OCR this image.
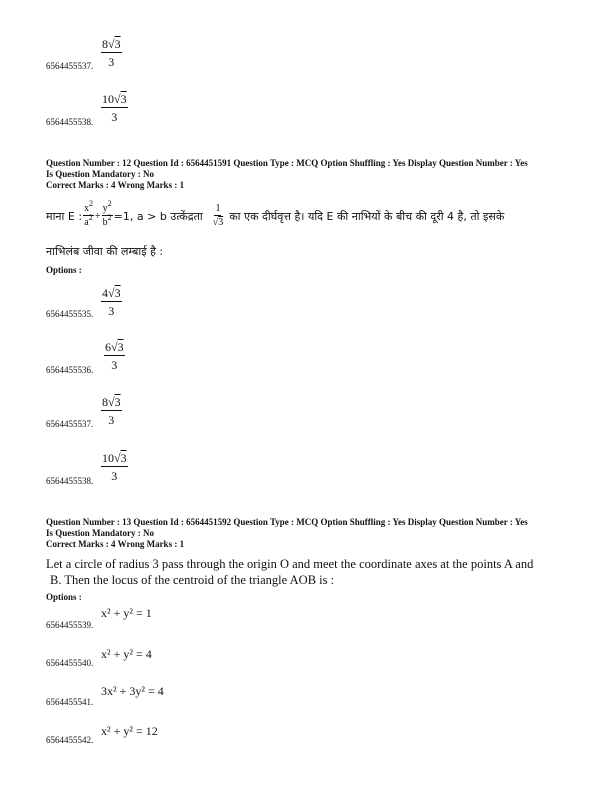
$\frac{8√3}{3}$
6564455537.
$\frac{10√3}{3}$
6564455538.
Question Number : 12 Question Id : 6564451591 Question Type : MCQ Option Shuffling : Yes Display Question Number : Yes
Is Question Mandatory : No
Correct Marks : 4 Wrong Marks : 1
माना E :
$x^2$
$a^2 + \frac{y^2}{b^2} =1$, a > b उत्केंद्रता
1
√3 का एक दीर्घवृत्त है। यदि E की नाभियों के बीच की दूरी 4 है, तो इसके
नाभिलंब जीवा की लम्बाई है :
Options :
$\frac{4√3}{3}$
6564455535.
$\frac{6√3}{3}$
6564455536.
$\frac{8√3}{3}$
6564455537.
$\frac{10√3}{3}$
6564455538.
Question Number : 13 Question Id : 6564451592 Question Type : MCQ Option Shuffling : Yes Display Question Number : Yes
Is Question Mandatory : No
Correct Marks : 4 Wrong Marks : 1
Let a circle of radius 3 pass through the origin O and meet the coordinate axes at the points A and
B. Then the locus of the centroid of the triangle AOB is :
Options :
x² + y² = 1
6564455539.
x² + y² = 4
6564455540.
3x² + 3y² = 4
6564455541.
x² + y² = 12
6564455542.
